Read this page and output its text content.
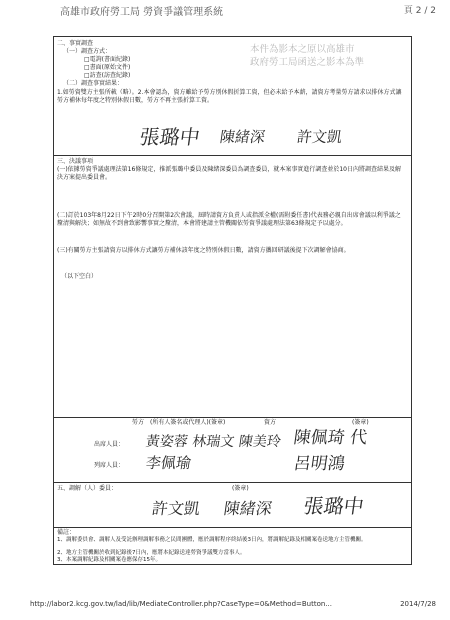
高雄市政府勞工局 勞資爭議管理系統	頁 2 / 2
二、事實調查
（一）調查方式：
□電詢(書面紀錄)
□書面(原始文件)
□訪查(訪查紀錄)
（二）調查事實結果：
1.如勞資雙方主張所載（略）。2.本會認為，資方雖給予勞方別休假折算工資，但必未給予本薪，請資方考量勞方請求以排休方式讓勞方補休每年度之特別休假日數，勞方不再主張折算工資。
本件為影本之原以高雄市
政府勞工局函送之影本為準
張璐中 陳緒深 許文凱
三、決議事項
(一)依據勞資爭議處理法第16條規定，推派張璐中委員及陳緒深委員為調查委員，就本案事實進行調查並於10日內將調查結果及解決方案提出委員會。
(二)訂於103年8月22日下午2時0分召開第2次會議，屆時請資方負責人或指派全權(需附委任書)代表務必親自出席會議以利爭議之釐清與解決；如無故不到會致影響事實之釐清，本會將建請主管機關依勞資爭議處理法第63條規定予以處分。
(三)有關勞方主張請資方以排休方式讓勞方補休該年度之特別休假日數，請資方攜回研議後提下次調解會協商。
（以下空白）
勞方 (所有人簽名或代理人)(簽章)	資方	(簽章)
出席人員： 黃姿蓉 林瑞文 陳美玲 陳佩琦 代
列席人員： 李佩瑜	呂明鴻
五、調解（人）委員：	(簽章)
許文凱 陳緒深 張璐中
備註：
1、調解委員會、調解人及受託辦理調解事務之民間團體，應於調解程序終結後3日內，將調解紀錄及相關案卷送地方主管機關。
2、地方主管機關於收到紀錄後7日內，應將本紀錄送達勞資爭議雙方當事人。
3、本案調解紀錄及相關案卷應保存15年。
http://labor2.kcg.gov.tw/lad/lib/MediateController.php?CaseType=0&Method=Button...	2014/7/28
